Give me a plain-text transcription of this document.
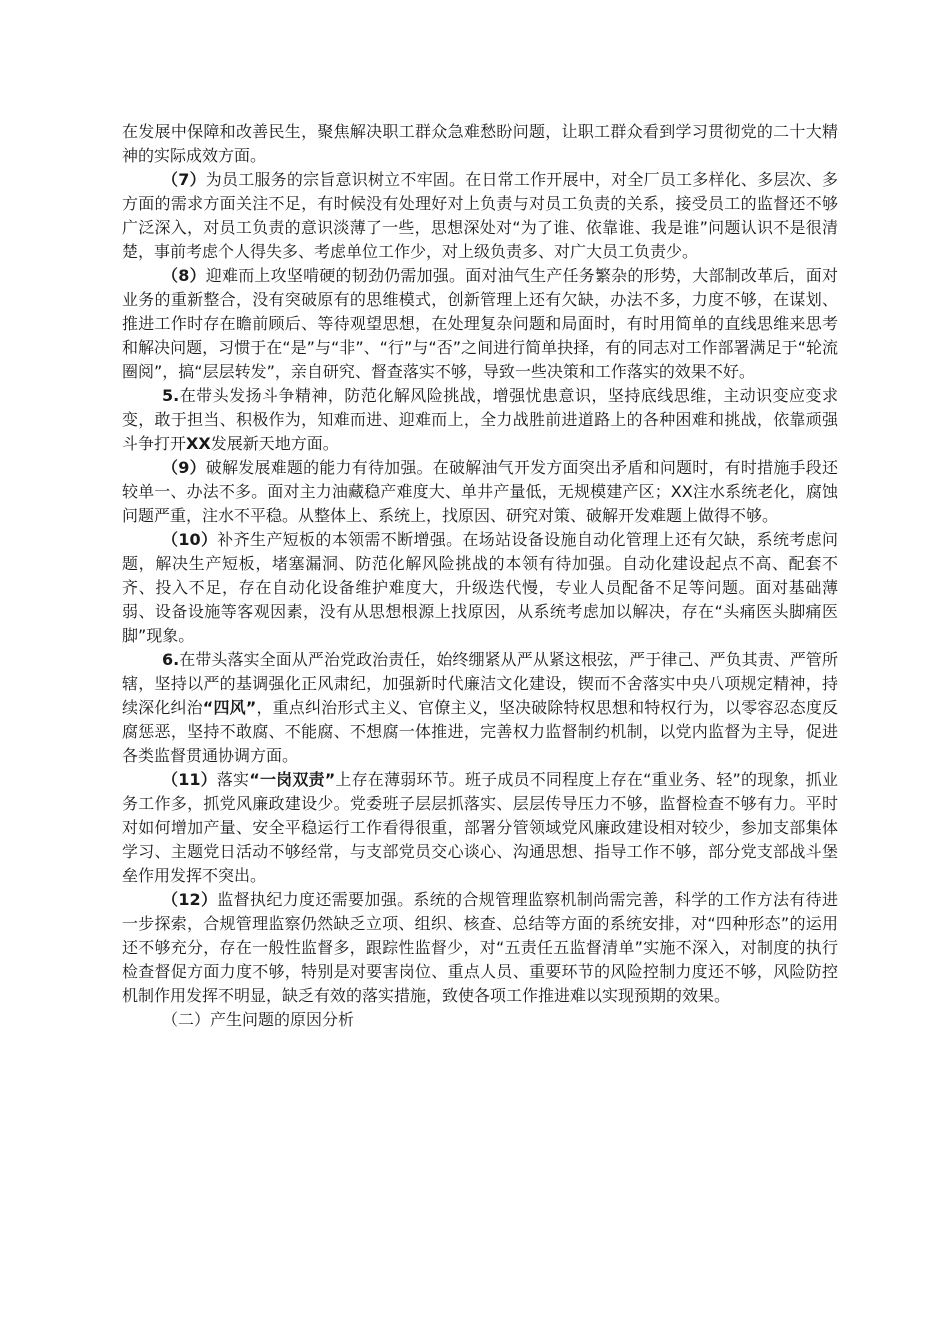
在发展中保障和改善民生，聚焦解决职工群众急难愁盼问题，让职工群众看到学习贯彻党的二十大精神的实际成效方面。

（7）为员工服务的宗旨意识树立不牢固。在日常工作开展中，对全厂员工多样化、多层次、多方面的需求方面关注不足，有时候没有处理好对上负责与对员工负责的关系，接受员工的监督还不够广泛深入，对员工负责的意识淡薄了一些，思想深处对“为了谁、依靠谁、我是谁”问题认识不是很清楚，事前考虑个人得失多、考虑单位工作少，对上级负责多、对广大员工负责少。

（8）迎难而上攻坚啃硬的韧劲仍需加强。面对油气生产任务繁杂的形势，大部制改革后，面对业务的重新整合，没有突破原有的思维模式，创新管理上还有欠缺，办法不多，力度不够，在谋划、推进工作时存在瞻前顾后、等待观望思想，在处理复杂问题和局面时，有时用简单的直线思维来思考和解决问题，习惯于在“是”与“非”、“行”与“否”之间进行简单抉择，有的同志对工作部署满足于“轮流圈阅”，搞“层层转发”，亲自研究、督查落实不够，导致一些决策和工作落实的效果不好。

5.在带头发扬斗争精神，防范化解风险挑战，增强忧患意识，坚持底线思维，主动识变应变求变，敢于担当、积极作为，知难而进、迎难而上，全力战胜前进道路上的各种困难和挑战，依靠顽强斗争打开XX发展新天地方面。

（9）破解发展难题的能力有待加强。在破解油气开发方面突出矛盾和问题时，有时措施手段还较单一、办法不多。面对主力油藏稳产难度大、单井产量低，无规模建产区；XX注水系统老化，腐蚀问题严重，注水不平稳。从整体上、系统上，找原因、研究对策、破解开发难题上做得不够。

（10）补齐生产短板的本领需不断增强。在场站设备设施自动化管理上还有欠缺，系统考虑问题，解决生产短板，堵塞漏洞、防范化解风险挑战的本领有待加强。自动化建设起点不高、配套不齐、投入不足，存在自动化设备维护难度大，升级迭代慢，专业人员配备不足等问题。面对基础薄弱、设备设施等客观因素，没有从思想根源上找原因，从系统考虑加以解决，存在“头痛医头脚痛医脚”现象。

6.在带头落实全面从严治党政治责任，始终绷紧从严从紧这根弦，严于律己、严负其责、严管所辖，坚持以严的基调强化正风肃纪，加强新时代廉洁文化建设，锲而不舍落实中央八项规定精神，持续深化纠治“四风”，重点纠治形式主义、官僚主义，坚决破除特权思想和特权行为，以零容忍态度反腐惩恶，坚持不敢腐、不能腐、不想腐一体推进，完善权力监督制约机制，以党内监督为主导，促进各类监督贯通协调方面。

（11）落实“一岗双责”上存在薄弱环节。班子成员不同程度上存在“重业务、轻”的现象，抓业务工作多，抓党风廉政建设少。党委班子层层抓落实、层层传导压力不够，监督检查不够有力。平时对如何增加产量、安全平稳运行工作看得很重，部署分管领域党风廉政建设相对较少，参加支部集体学习、主题党日活动不够经常，与支部党员交心谈心、沟通思想、指导工作不够，部分党支部战斗堡垒作用发挥不突出。

（12）监督执纪力度还需要加强。系统的合规管理监察机制尚需完善，科学的工作方法有待进一步探索，合规管理监察仍然缺乏立项、组织、核查、总结等方面的系统安排，对“四种形态”的运用还不够充分，存在一般性监督多，跟踪性监督少，对“五责任五监督清单”实施不深入，对制度的执行检查督促方面力度不够，特别是对要害岗位、重点人员、重要环节的风险控制力度还不够，风险防控机制作用发挥不明显，缺乏有效的落实措施，致使各项工作推进难以实现预期的效果。

（二）产生问题的原因分析
